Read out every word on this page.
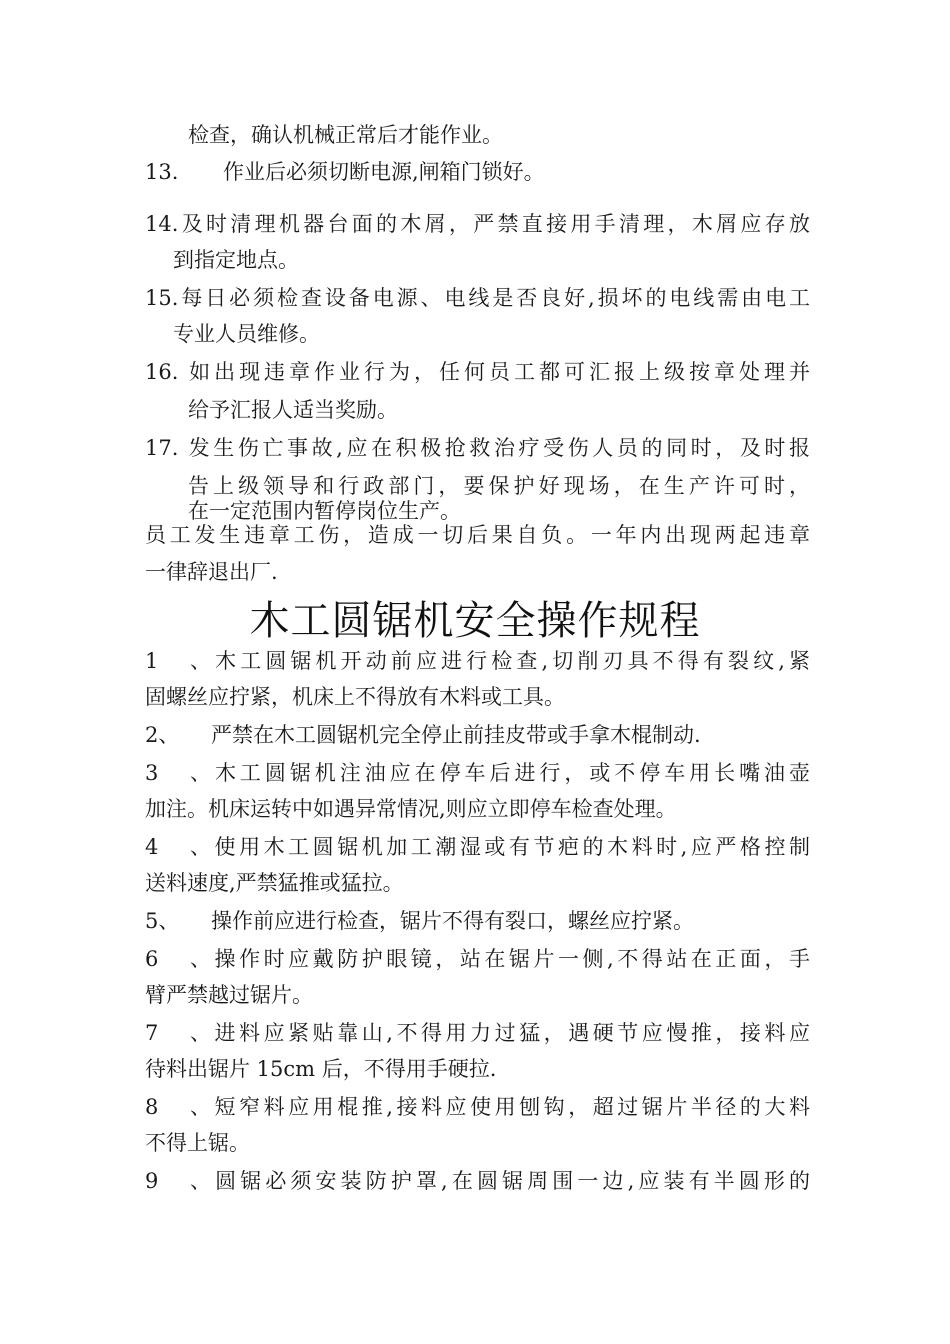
检查，确认机械正常后才能作业。
13. 作业后必须切断电源,闸箱门锁好。
14.及时清理机器台面的木屑，严禁直接用手清理，木屑应存放
到指定地点。
15.每日必须检查设备电源、电线是否良好,损坏的电线需由电工
专业人员维修。
16. 如出现违章作业行为，任何员工都可汇报上级按章处理并
给予汇报人适当奖励。
17. 发生伤亡事故,应在积极抢救治疗受伤人员的同时，及时报
告上级领导和行政部门，要保护好现场，在生产许可时，
在一定范围内暂停岗位生产。
员工发生违章工伤，造成一切后果自负。一年内出现两起违章
一律辞退出厂.
木工圆锯机安全操作规程
1、木工圆锯机开动前应进行检查,切削刃具不得有裂纹,紧
固螺丝应拧紧，机床上不得放有木料或工具。
2、 严禁在木工圆锯机完全停止前挂皮带或手拿木棍制动.
3、木工圆锯机注油应在停车后进行，或不停车用长嘴油壶
加注。机床运转中如遇异常情况,则应立即停车检查处理。
4、使用木工圆锯机加工潮湿或有节疤的木料时,应严格控制
送料速度,严禁猛推或猛拉。
5、 操作前应进行检查，锯片不得有裂口，螺丝应拧紧。
6、操作时应戴防护眼镜，站在锯片一侧,不得站在正面，手
臂严禁越过锯片。
7、进料应紧贴靠山,不得用力过猛，遇硬节应慢推，接料应
待料出锯片 15cm 后，不得用手硬拉.
8、短窄料应用棍推,接料应使用刨钩，超过锯片半径的大料
不得上锯。
9、圆锯必须安装防护罩,在圆锯周围一边,应装有半圆形的
